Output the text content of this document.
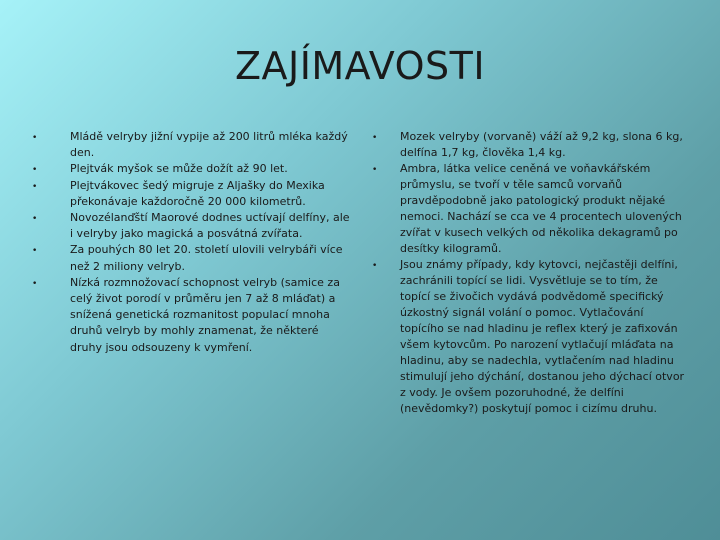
ZAJÍMAVOSTI
•	Mládě velryby jižní vypije až 200 litrů mléka každý den.
•	Plejtvák myšok se může dožít až 90 let.
•	Plejtvákovec šedý migruje z Aljašky do Mexika překonávaje každoročně 20 000 kilometrů.
•	Novozélanďští Maorové dodnes uctívají delfíny, ale i velryby jako magická a posvátná zvířata.
•	Za pouhých 80 let 20. století ulovili velrybáři více než 2 miliony velryb.
•	Nízká rozmnožovací schopnost velryb (samice za celý život porodí v průměru jen 7 až 8 mláďat) a snížená genetická rozmanitost populací mnoha druhů velryb by mohly znamenat, že některé druhy jsou odsouzeny k vymření.
• Mozek velryby (vorvaně) váží až 9,2 kg, slona 6 kg, delfína 1,7 kg, člověka 1,4 kg.
• Ambra, látka velice ceněná ve voňavkářském průmyslu, se tvoří v těle samců vorvaňů pravděpodobně jako patologický produkt nějaké nemoci. Nachází se cca ve 4 procentech ulovených zvířat v kusech velkých od několika dekagramů po desítky kilogramů.
• Jsou známy případy, kdy kytovci, nejčastěji delfíni, zachránili topící se lidi. Vysvětluje se to tím, že topící se živočich vydává podvědomě specifický úzkostný signál volání o pomoc. Vytlačování topícího se nad hladinu je reflex který je zafixován všem kytovcům. Po narození vytlačují mláďata na hladinu, aby se nadechla, vytlačením nad hladinu stimulují jeho dýchání, dostanou jeho dýchací otvor z vody. Je ovšem pozoruhodné, že delfíni (nevědomky?) poskytují pomoc i cizímu druhu.
